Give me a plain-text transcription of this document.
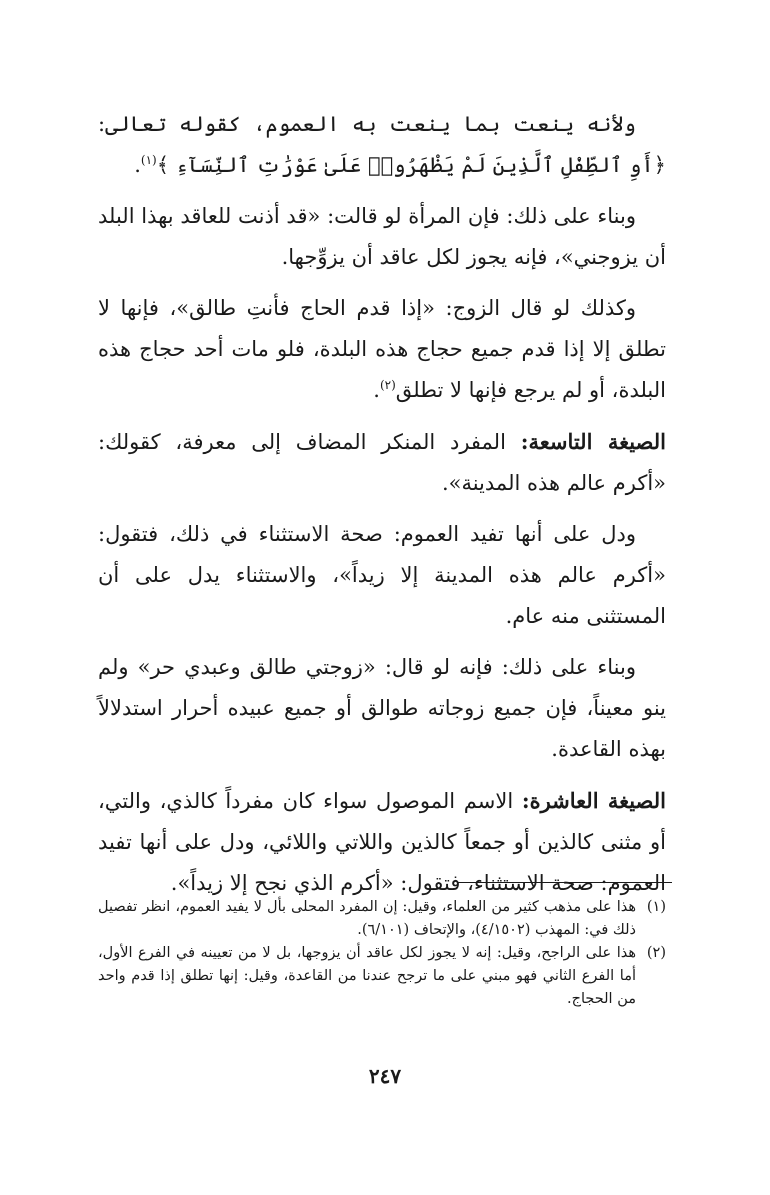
ولأنه ينعت بما ينعت به العموم، كقوله تعالى: ﴿أَوِ ٱلطِّفْلِ ٱلَّذِينَ لَمْ يَظْهَرُوا۟ عَلَىٰ عَوْرَٰتِ ٱلنِّسَآءِ ﴾$^{(١)}$.

وبناء على ذلك: فإن المرأة لو قالت: «قد أذنت للعاقد بهذا البلد أن يزوجني»، فإنه يجوز لكل عاقد أن يزوِّجها.

وكذلك لو قال الزوج: «إذا قدم الحاج فأنتِ طالق»، فإنها لا تطلق إلا إذا قدم جميع حجاج هذه البلدة، فلو مات أحد حجاج هذه البلدة، أو لم يرجع فإنها لا تطلق$^{(٢)}$.

الصيغة التاسعة: المفرد المنكر المضاف إلى معرفة، كقولك: «أكرم عالم هذه المدينة».

ودل على أنها تفيد العموم: صحة الاستثناء في ذلك، فتقول: «أكرم عالم هذه المدينة إلا زيداً»، والاستثناء يدل على أن المستثنى منه عام.

وبناء على ذلك: فإنه لو قال: «زوجتي طالق وعبدي حر» ولم ينو معيناً، فإن جميع زوجاته طوالق أو جميع عبيده أحرار استدلالاً بهذه القاعدة.

الصيغة العاشرة: الاسم الموصول سواء كان مفرداً كالذي، والتي، أو مثنى كالذين أو جمعاً كالذين واللاتي واللائي، ودل على أنها تفيد العموم: صحة الاستثناء، فتقول: «أكرم الذي نجح إلا زيداً».

(١)
هذا على مذهب كثير من العلماء، وقيل: إن المفرد المحلى بأل لا يفيد العموم، انظر تفصيل ذلك في: المهذب (٤/١٥٠٢)، والإتحاف (٦/١٠١).

(٢)
هذا على الراجح، وقيل: إنه لا يجوز لكل عاقد أن يزوجها، بل لا من تعيينه في الفرع الأول، أما الفرع الثاني فهو مبني على ما ترجح عندنا من القاعدة، وقيل: إنها تطلق إذا قدم واحد من الحجاج.

٢٤٧
